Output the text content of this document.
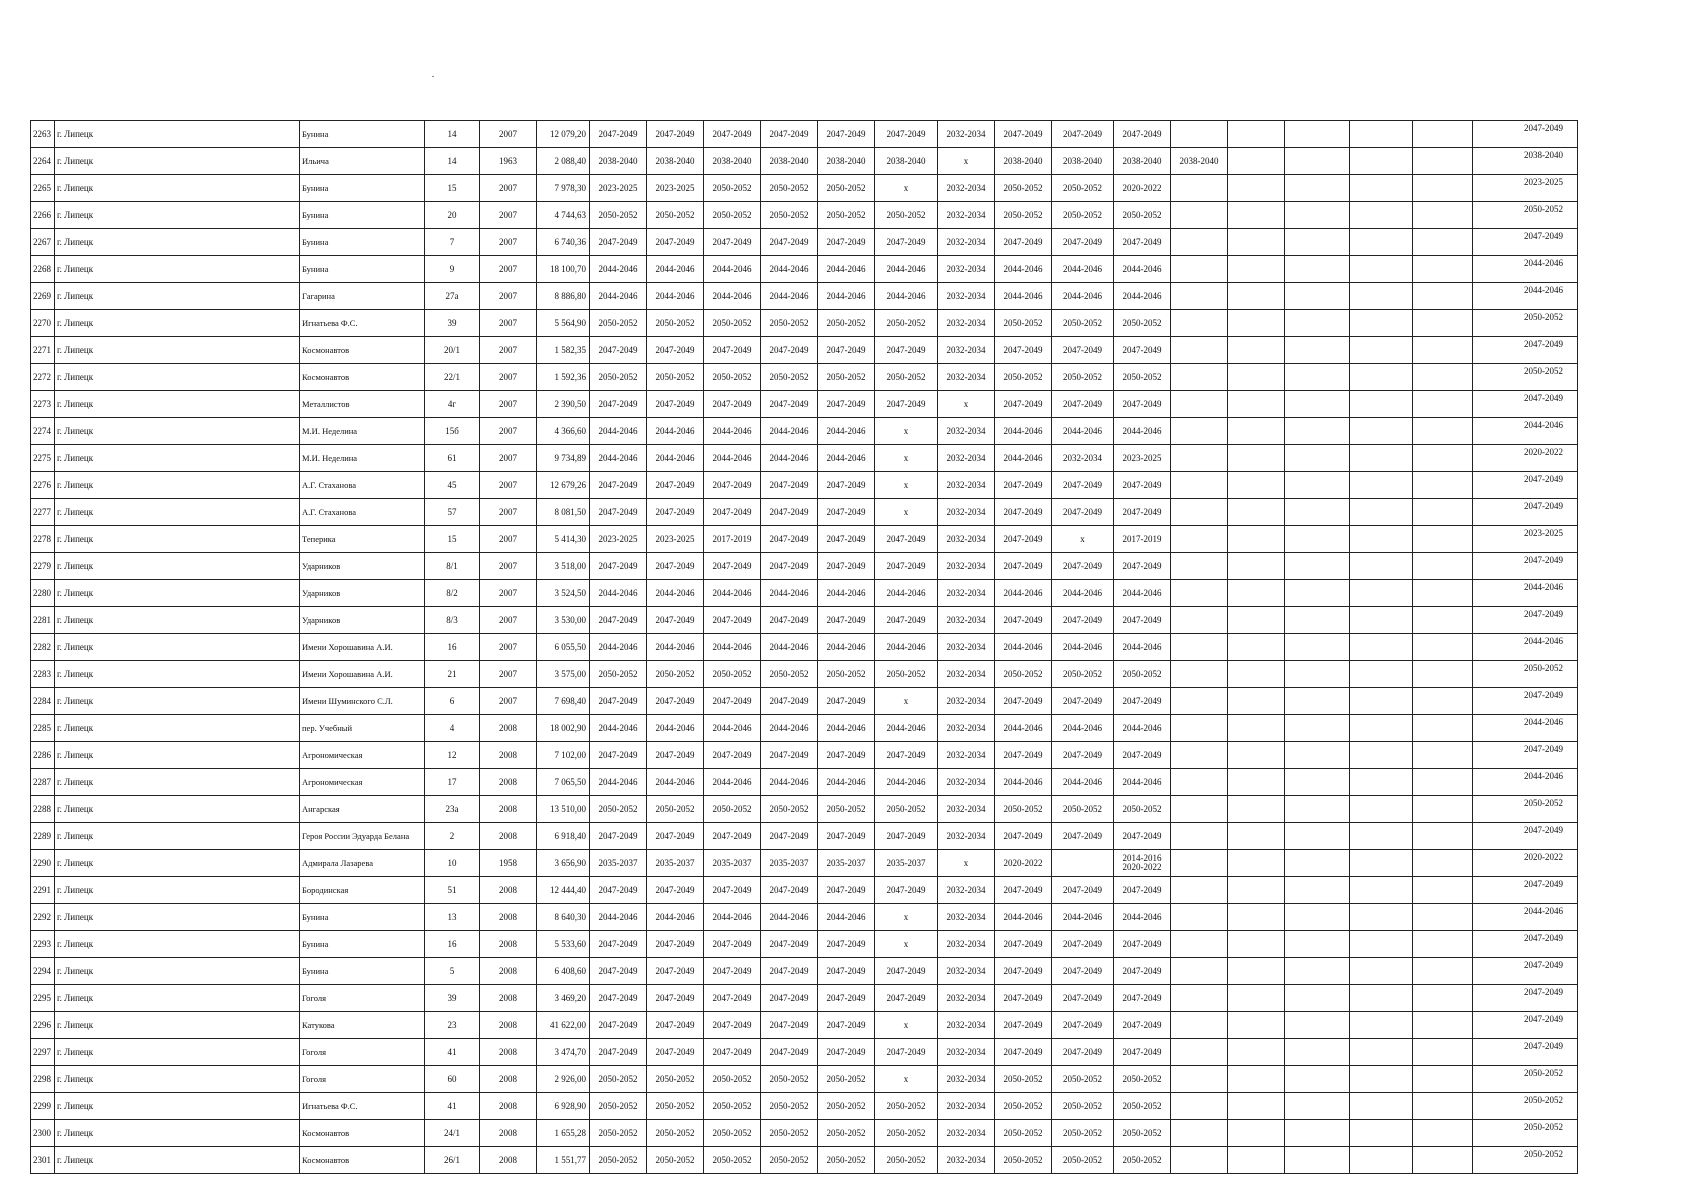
2263	г. Липецк	Бунина	14	2007	12 079,20	2047-2049	2047-2049	2047-2049	2047-2049	2047-2049	2047-2049	2032-2034	2047-2049	2047-2049	2047-2049						2047-2049
2264	г. Липецк	Ильича	14	1963	2 088,40	2038-2040	2038-2040	2038-2040	2038-2040	2038-2040	2038-2040	х	2038-2040	2038-2040	2038-2040	2038-2040					2038-2040
2265	г. Липецк	Бунина	15	2007	7 978,30	2023-2025	2023-2025	2050-2052	2050-2052	2050-2052	х	2032-2034	2050-2052	2050-2052	2020-2022						2023-2025
2266	г. Липецк	Бунина	20	2007	4 744,63	2050-2052	2050-2052	2050-2052	2050-2052	2050-2052	2050-2052	2032-2034	2050-2052	2050-2052	2050-2052						2050-2052
2267	г. Липецк	Бунина	7	2007	6 740,36	2047-2049	2047-2049	2047-2049	2047-2049	2047-2049	2047-2049	2032-2034	2047-2049	2047-2049	2047-2049						2047-2049
2268	г. Липецк	Бунина	9	2007	18 100,70	2044-2046	2044-2046	2044-2046	2044-2046	2044-2046	2044-2046	2032-2034	2044-2046	2044-2046	2044-2046						2044-2046
2269	г. Липецк	Гагарина	27а	2007	8 886,80	2044-2046	2044-2046	2044-2046	2044-2046	2044-2046	2044-2046	2032-2034	2044-2046	2044-2046	2044-2046						2044-2046
2270	г. Липецк	Игнатьева Ф.С.	39	2007	5 564,90	2050-2052	2050-2052	2050-2052	2050-2052	2050-2052	2050-2052	2032-2034	2050-2052	2050-2052	2050-2052						2050-2052
2271	г. Липецк	Космонавтов	20/1	2007	1 582,35	2047-2049	2047-2049	2047-2049	2047-2049	2047-2049	2047-2049	2032-2034	2047-2049	2047-2049	2047-2049						2047-2049
2272	г. Липецк	Космонавтов	22/1	2007	1 592,36	2050-2052	2050-2052	2050-2052	2050-2052	2050-2052	2050-2052	2032-2034	2050-2052	2050-2052	2050-2052						2050-2052
2273	г. Липецк	Металлистов	4г	2007	2 390,50	2047-2049	2047-2049	2047-2049	2047-2049	2047-2049	2047-2049	х	2047-2049	2047-2049	2047-2049						2047-2049
2274	г. Липецк	М.И. Неделина	15б	2007	4 366,60	2044-2046	2044-2046	2044-2046	2044-2046	2044-2046	х	2032-2034	2044-2046	2044-2046	2044-2046						2044-2046
2275	г. Липецк	М.И. Неделина	61	2007	9 734,89	2044-2046	2044-2046	2044-2046	2044-2046	2044-2046	х	2032-2034	2044-2046	2032-2034	2023-2025						2020-2022
2276	г. Липецк	А.Г. Стаханова	45	2007	12 679,26	2047-2049	2047-2049	2047-2049	2047-2049	2047-2049	х	2032-2034	2047-2049	2047-2049	2047-2049						2047-2049
2277	г. Липецк	А.Г. Стаханова	57	2007	8 081,50	2047-2049	2047-2049	2047-2049	2047-2049	2047-2049	х	2032-2034	2047-2049	2047-2049	2047-2049						2047-2049
2278	г. Липецк	Теперика	15	2007	5 414,30	2023-2025	2023-2025	2017-2019	2047-2049	2047-2049	2047-2049	2032-2034	2047-2049	х	2017-2019						2023-2025
2279	г. Липецк	Ударников	8/1	2007	3 518,00	2047-2049	2047-2049	2047-2049	2047-2049	2047-2049	2047-2049	2032-2034	2047-2049	2047-2049	2047-2049						2047-2049
2280	г. Липецк	Ударников	8/2	2007	3 524,50	2044-2046	2044-2046	2044-2046	2044-2046	2044-2046	2044-2046	2032-2034	2044-2046	2044-2046	2044-2046						2044-2046
2281	г. Липецк	Ударников	8/3	2007	3 530,00	2047-2049	2047-2049	2047-2049	2047-2049	2047-2049	2047-2049	2032-2034	2047-2049	2047-2049	2047-2049						2047-2049
2282	г. Липецк	Имени Хорошавина А.И.	16	2007	6 055,50	2044-2046	2044-2046	2044-2046	2044-2046	2044-2046	2044-2046	2032-2034	2044-2046	2044-2046	2044-2046						2044-2046
2283	г. Липецк	Имени Хорошавина А.И.	21	2007	3 575,00	2050-2052	2050-2052	2050-2052	2050-2052	2050-2052	2050-2052	2032-2034	2050-2052	2050-2052	2050-2052						2050-2052
2284	г. Липецк	Имени Шуминского С.Л.	6	2007	7 698,40	2047-2049	2047-2049	2047-2049	2047-2049	2047-2049	х	2032-2034	2047-2049	2047-2049	2047-2049						2047-2049
2285	г. Липецк	пер. Учебный	4	2008	18 002,90	2044-2046	2044-2046	2044-2046	2044-2046	2044-2046	2044-2046	2032-2034	2044-2046	2044-2046	2044-2046						2044-2046
2286	г. Липецк	Агрономическая	12	2008	7 102,00	2047-2049	2047-2049	2047-2049	2047-2049	2047-2049	2047-2049	2032-2034	2047-2049	2047-2049	2047-2049						2047-2049
2287	г. Липецк	Агрономическая	17	2008	7 065,50	2044-2046	2044-2046	2044-2046	2044-2046	2044-2046	2044-2046	2032-2034	2044-2046	2044-2046	2044-2046						2044-2046
2288	г. Липецк	Ангарская	23а	2008	13 510,00	2050-2052	2050-2052	2050-2052	2050-2052	2050-2052	2050-2052	2032-2034	2050-2052	2050-2052	2050-2052						2050-2052
2289	г. Липецк	Героя России Эдуарда Белана	2	2008	6 918,40	2047-2049	2047-2049	2047-2049	2047-2049	2047-2049	2047-2049	2032-2034	2047-2049	2047-2049	2047-2049						2047-2049
2290	г. Липецк	Адмирала Лазарева	10	1958	3 656,90	2035-2037	2035-2037	2035-2037	2035-2037	2035-2037	2035-2037	х	2020-2022		2014-2016 2020-2022						2020-2022
2291	г. Липецк	Бородинская	51	2008	12 444,40	2047-2049	2047-2049	2047-2049	2047-2049	2047-2049	2047-2049	2032-2034	2047-2049	2047-2049	2047-2049						2047-2049
2292	г. Липецк	Бунина	13	2008	8 640,30	2044-2046	2044-2046	2044-2046	2044-2046	2044-2046	х	2032-2034	2044-2046	2044-2046	2044-2046						2044-2046
2293	г. Липецк	Бунина	16	2008	5 533,60	2047-2049	2047-2049	2047-2049	2047-2049	2047-2049	х	2032-2034	2047-2049	2047-2049	2047-2049						2047-2049
2294	г. Липецк	Бунина	5	2008	6 408,60	2047-2049	2047-2049	2047-2049	2047-2049	2047-2049	2047-2049	2032-2034	2047-2049	2047-2049	2047-2049						2047-2049
2295	г. Липецк	Гоголя	39	2008	3 469,20	2047-2049	2047-2049	2047-2049	2047-2049	2047-2049	2047-2049	2032-2034	2047-2049	2047-2049	2047-2049						2047-2049
2296	г. Липецк	Катукова	23	2008	41 622,00	2047-2049	2047-2049	2047-2049	2047-2049	2047-2049	х	2032-2034	2047-2049	2047-2049	2047-2049						2047-2049
2297	г. Липецк	Гоголя	41	2008	3 474,70	2047-2049	2047-2049	2047-2049	2047-2049	2047-2049	2047-2049	2032-2034	2047-2049	2047-2049	2047-2049						2047-2049
2298	г. Липецк	Гоголя	60	2008	2 926,00	2050-2052	2050-2052	2050-2052	2050-2052	2050-2052	х	2032-2034	2050-2052	2050-2052	2050-2052						2050-2052
2299	г. Липецк	Игнатьева Ф.С.	41	2008	6 928,90	2050-2052	2050-2052	2050-2052	2050-2052	2050-2052	2050-2052	2032-2034	2050-2052	2050-2052	2050-2052						2050-2052
2300	г. Липецк	Космонавтов	24/1	2008	1 655,28	2050-2052	2050-2052	2050-2052	2050-2052	2050-2052	2050-2052	2032-2034	2050-2052	2050-2052	2050-2052						2050-2052
2301	г. Липецк	Космонавтов	26/1	2008	1 551,77	2050-2052	2050-2052	2050-2052	2050-2052	2050-2052	2050-2052	2032-2034	2050-2052	2050-2052	2050-2052						2050-2052
